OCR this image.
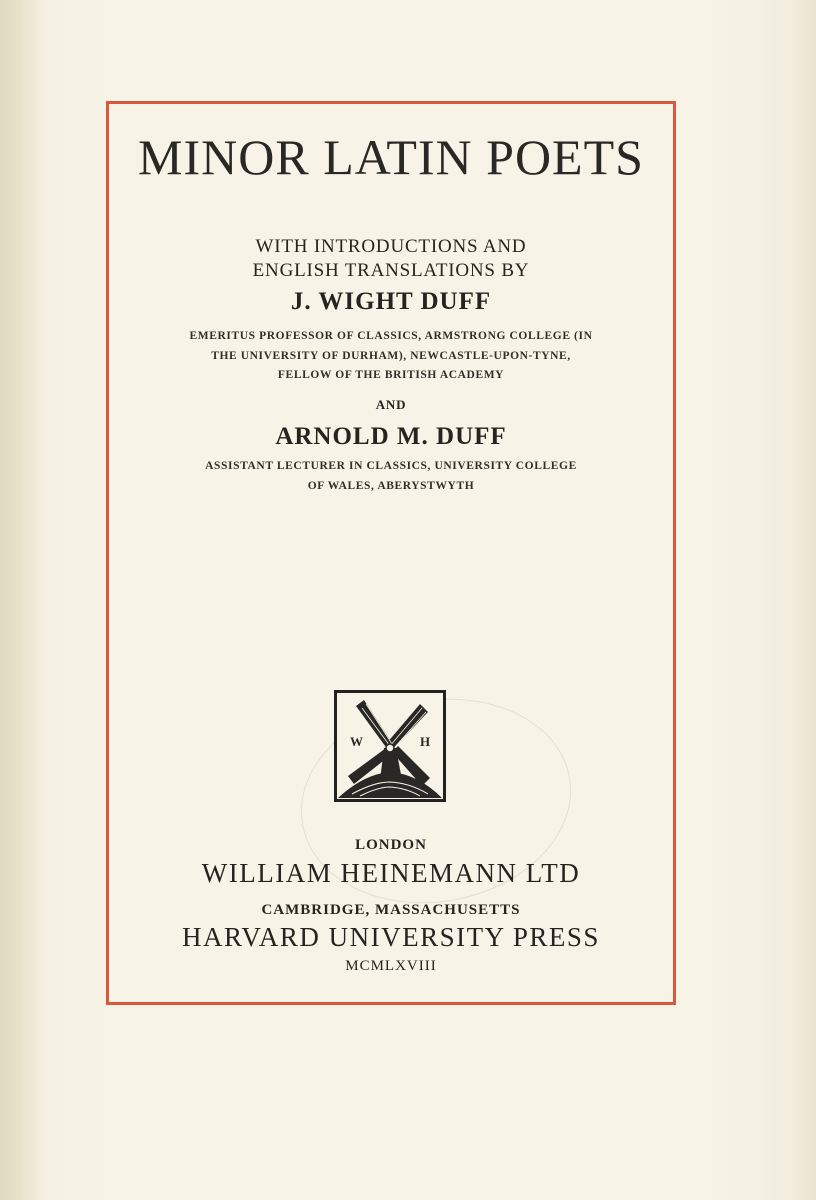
MINOR LATIN POETS
WITH INTRODUCTIONS AND
ENGLISH TRANSLATIONS BY
J. WIGHT DUFF
EMERITUS PROFESSOR OF CLASSICS, ARMSTRONG COLLEGE (IN
THE UNIVERSITY OF DURHAM), NEWCASTLE-UPON-TYNE,
FELLOW OF THE BRITISH ACADEMY
AND
ARNOLD M. DUFF
ASSISTANT LECTURER IN CLASSICS, UNIVERSITY COLLEGE
OF WALES, ABERYSTWYTH
W	H
LONDON
WILLIAM HEINEMANN LTD
CAMBRIDGE, MASSACHUSETTS
HARVARD UNIVERSITY PRESS
MCMLXVIII
